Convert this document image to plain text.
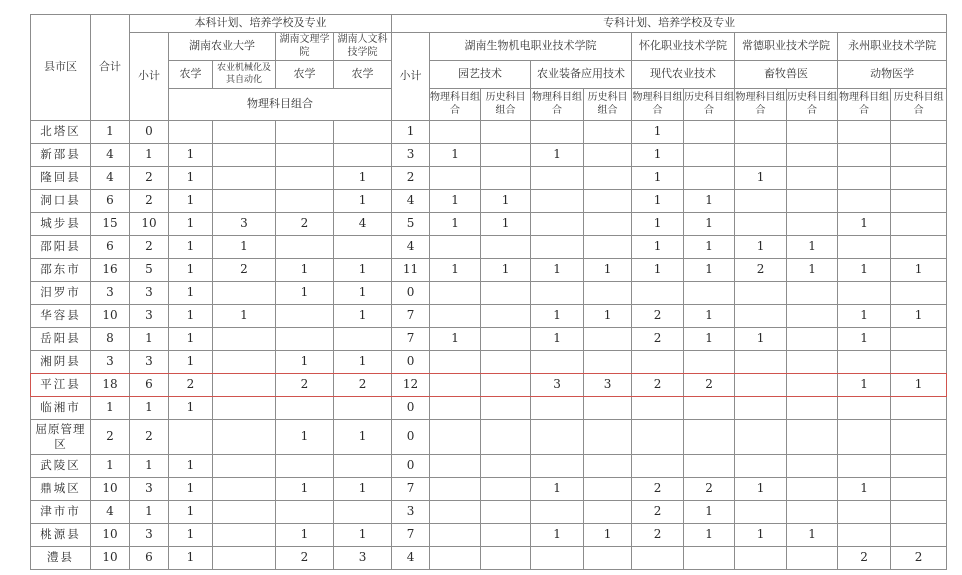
县市区	合计	本科计划、培养学校及专业					专科计划、培养学校及专业										
		小计	湖南农业大学		湖南文理学院	湖南人文科技学院	小计	湖南生物机电职业技术学院				怀化职业技术学院		常德职业技术学院		永州职业技术学院	
			农学	农业机械化及其自动化	农学	农学		园艺技术		农业装备应用技术		现代农业技术		畜牧兽医		动物医学	
			物理科目组合					物理科目组合	历史科目组合	物理科目组合	历史科目组合	物理科目组合	历史科目组合	物理科目组合	历史科目组合	物理科目组合	历史科目组合

北塔区	1	0					1					1					
新邵县	4	1	1				3	1		1		1					
隆回县	4	2	1			1	2					1		1			
洞口县	6	2	1			1	4	1	1			1	1				
城步县	15	10	1	3	2	4	5	1	1			1	1			1	
邵阳县	6	2	1	1			4					1	1	1	1		
邵东市	16	5	1	2	1	1	11	1	1	1	1	1	1	2	1	1	1
汨罗市	3	3	1		1	1	0										
华容县	10	3	1	1		1	7			1	1	2	1			1	1
岳阳县	8	1	1				7	1		1		2	1	1		1	
湘阴县	3	3	1		1	1	0										
平江县	18	6	2		2	2	12			3	3	2	2			1	1
临湘市	1	1	1				0										
屈原管理区	2	2			1	1	0										
武陵区	1	1	1				0										
鼎城区	10	3	1		1	1	7			1		2	2	1		1	
津市市	4	1	1				3					2	1				
桃源县	10	3	1		1	1	7			1	1	2	1	1	1		
澧县	10	6	1		2	3	4									2	2
